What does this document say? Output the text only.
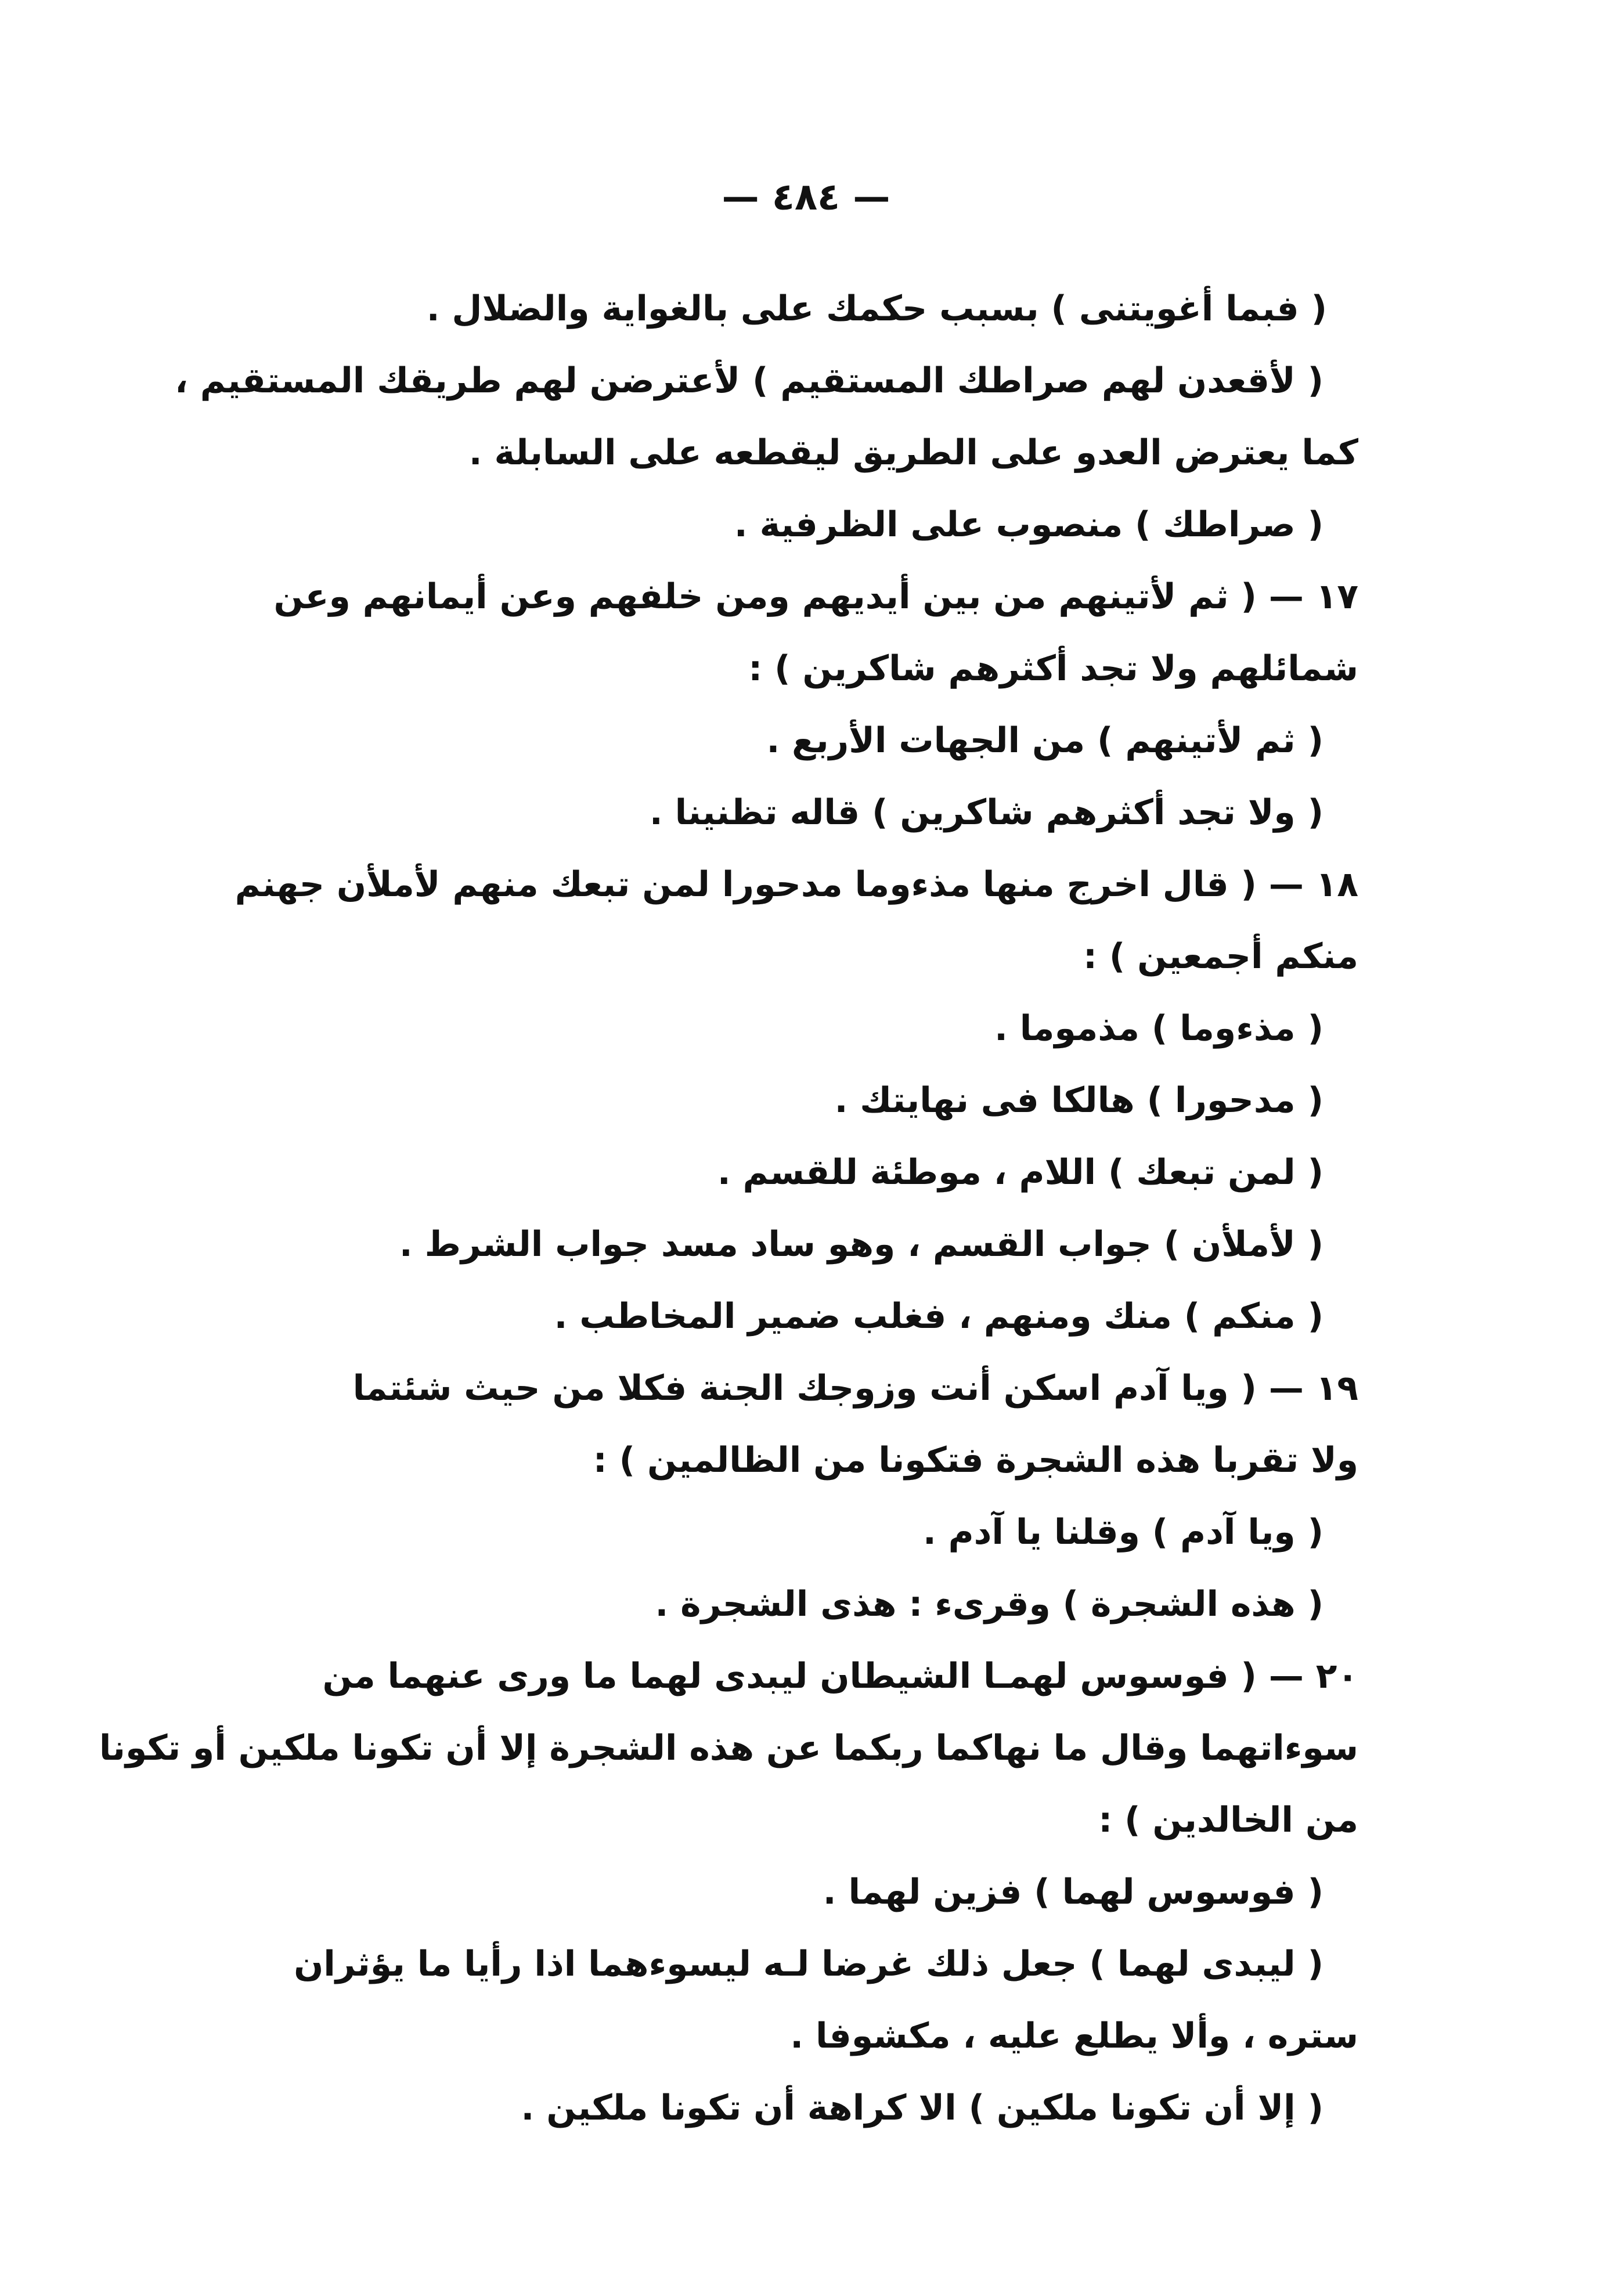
— ٤٨٤ —
( فبما أغويتنى ) بسبب حكمك على بالغواية والضلال .
( لأقعدن لهم صراطك المستقيم ) لأعترضن لهم طريقك المستقيم ،
كما يعترض العدو على الطريق ليقطعه على السابلة .
( صراطك ) منصوب على الظرفية .
١٧ — ( ثم لأتينهم من بين أيديهم ومن خلفهم وعن أيمانهم وعن
شمائلهم ولا تجد أكثرهم شاكرين ) :
( ثم لأتينهم ) من الجهات الأربع .
( ولا تجد أكثرهم شاكرين ) قاله تظنينا .
١٨ — ( قال اخرج منها مذءوما مدحورا لمن تبعك منهم لأملأن جهنم
منكم أجمعين ) :
( مذءوما ) مذموما .
( مدحورا ) هالكا فى نهايتك .
( لمن تبعك ) اللام ، موطئة للقسم .
( لأملأن ) جواب القسم ، وهو ساد مسد جواب الشرط .
( منكم ) منك ومنهم ، فغلب ضمير المخاطب .
١٩ — ( ويا آدم اسكن أنت وزوجك الجنة فكلا من حيث شئتما
ولا تقربا هذه الشجرة فتكونا من الظالمين ) :
( ويا آدم ) وقلنا يا آدم .
( هذه الشجرة ) وقرىء : هذى الشجرة .
٢٠ — ( فوسوس لهمـا الشيطان ليبدى لهما ما ورى عنهما من
سوءاتهما وقال ما نهاكما ربكما عن هذه الشجرة إلا أن تكونا ملكين أو تكونا
من الخالدين ) :
( فوسوس لهما ) فزين لهما .
( ليبدى لهما ) جعل ذلك غرضا لـه ليسوءهما اذا رأيا ما يؤثران
ستره ، وألا يطلع عليه ، مكشوفا .
( إلا أن تكونا ملكين ) الا كراهة أن تكونا ملكين .
